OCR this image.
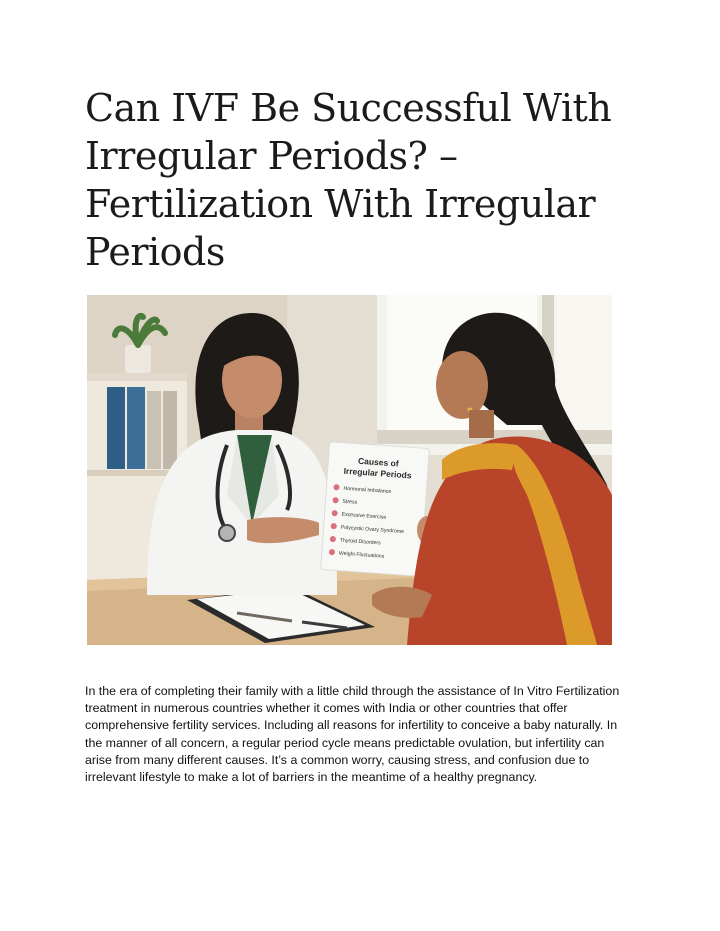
Can IVF Be Successful With Irregular Periods? – Fertilization With Irregular Periods
Causes of
Irregular Periods
Hormonal Imbalance
Stress
Excessive Exercise
Polycystic Ovary Syndrome
Thyroid Disorders
Weight Fluctuations

In the era of completing their family with a little child through the assistance of In Vitro Fertilization treatment in numerous countries whether it comes with India or other countries that offer comprehensive fertility services. Including all reasons for infertility to conceive a baby naturally. In the manner of all concern, a regular period cycle means predictable ovulation, but infertility can arise from many different causes. It’s a common worry, causing stress, and confusion due to irrelevant lifestyle to make a lot of barriers in the meantime of a healthy pregnancy.
